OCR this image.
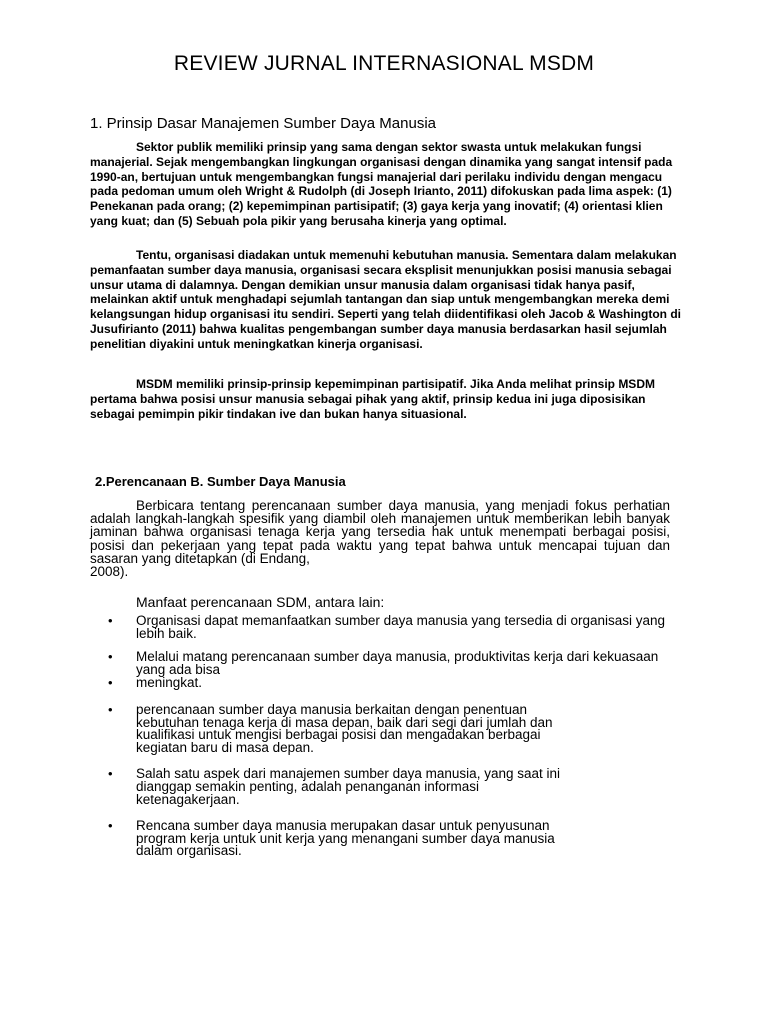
REVIEW JURNAL INTERNASIONAL MSDM
1. Prinsip Dasar Manajemen Sumber Daya Manusia
Sektor publik memiliki prinsip yang sama dengan sektor swasta untuk melakukan fungsi manajerial. Sejak mengembangkan lingkungan organisasi dengan dinamika yang sangat intensif pada 1990-an, bertujuan untuk mengembangkan fungsi manajerial dari perilaku individu dengan mengacu pada pedoman umum oleh Wright & Rudolph (di Joseph Irianto, 2011) difokuskan pada lima aspek: (1) Penekanan pada orang; (2) kepemimpinan partisipatif; (3) gaya kerja yang inovatif; (4) orientasi klien yang kuat; dan (5) Sebuah pola pikir yang berusaha kinerja yang optimal.
Tentu, organisasi diadakan untuk memenuhi kebutuhan manusia. Sementara dalam melakukan pemanfaatan sumber daya manusia, organisasi secara eksplisit menunjukkan posisi manusia sebagai unsur utama di dalamnya. Dengan demikian unsur manusia dalam organisasi tidak hanya pasif, melainkan aktif untuk menghadapi sejumlah tantangan dan siap untuk mengembangkan mereka demi kelangsungan hidup organisasi itu sendiri. Seperti yang telah diidentifikasi oleh Jacob & Washington di Jusufirianto (2011) bahwa kualitas pengembangan sumber daya manusia berdasarkan hasil sejumlah penelitian diyakini untuk meningkatkan kinerja organisasi.
MSDM memiliki prinsip-prinsip kepemimpinan partisipatif. Jika Anda melihat prinsip MSDM pertama bahwa posisi unsur manusia sebagai pihak yang aktif, prinsip kedua ini juga diposisikan sebagai pemimpin pikir tindakan ive dan bukan hanya situasional.
2.Perencanaan B. Sumber Daya Manusia
Berbicara tentang perencanaan sumber daya manusia, yang menjadi fokus perhatian adalah langkah-langkah spesifik yang diambil oleh manajemen untuk memberikan lebih banyak jaminan bahwa organisasi tenaga kerja yang tersedia hak untuk menempati berbagai posisi, posisi dan pekerjaan yang tepat pada waktu yang tepat bahwa untuk mencapai tujuan dan sasaran yang ditetapkan (di Endang,
2008).
Manfaat perencanaan SDM, antara lain:
• Organisasi dapat memanfaatkan sumber daya manusia yang tersedia di organisasi yang lebih baik.
• Melalui matang perencanaan sumber daya manusia, produktivitas kerja dari kekuasaan yang ada bisa
• meningkat.
• perencanaan sumber daya manusia berkaitan dengan penentuan kebutuhan tenaga kerja di masa depan, baik dari segi dari jumlah dan kualifikasi untuk mengisi berbagai posisi dan mengadakan berbagai kegiatan baru di masa depan.
• Salah satu aspek dari manajemen sumber daya manusia, yang saat ini dianggap semakin penting, adalah penanganan informasi ketenagakerjaan.
• Rencana sumber daya manusia merupakan dasar untuk penyusunan program kerja untuk unit kerja yang menangani sumber daya manusia dalam organisasi.
